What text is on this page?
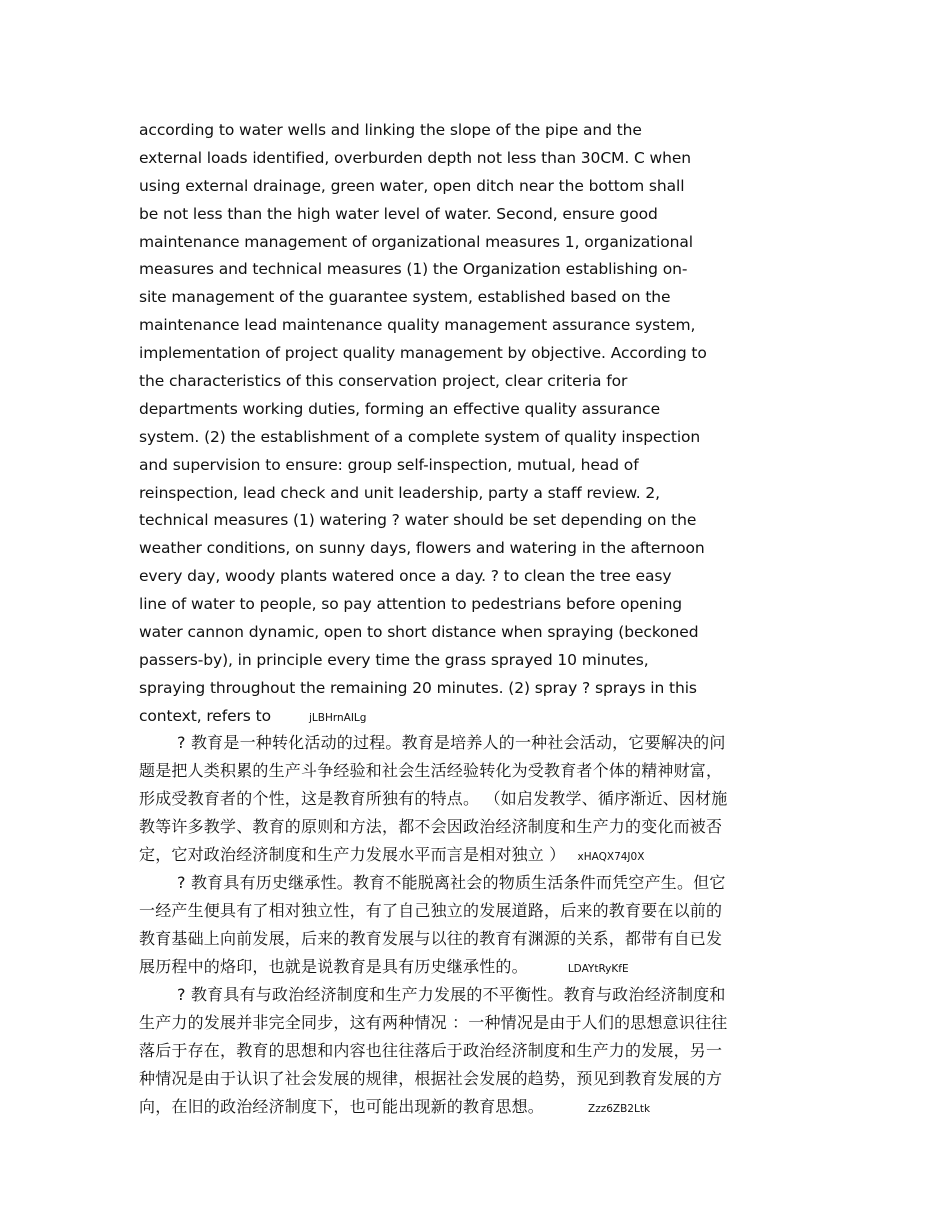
according to water wells and linking the slope of the pipe and the
external loads identified, overburden depth not less than 30CM. C when
using external drainage, green water, open ditch near the bottom shall
be not less than the high water level of water. Second, ensure good
maintenance management of organizational measures 1, organizational
measures and technical measures (1) the Organization establishing on-
site management of the guarantee system, established based on the
maintenance lead maintenance quality management assurance system,
implementation of project quality management by objective. According to
the characteristics of this conservation project, clear criteria for
departments working duties, forming an effective quality assurance
system. (2) the establishment of a complete system of quality inspection
and supervision to ensure: group self-inspection, mutual, head of
reinspection, lead check and unit leadership, party a staff review. 2,
technical measures (1) watering ? water should be set depending on the
weather conditions, on sunny days, flowers and watering in the afternoon
every day, woody plants watered once a day. ? to clean the tree easy
line of water to people, so pay attention to pedestrians before opening
water cannon dynamic, open to short distance when spraying (beckoned
passers-by), in principle every time the grass sprayed 10 minutes,
spraying throughout the remaining 20 minutes. (2) spray ? sprays in this
context, refers to	jLBHrnAILg
? 教育是一种转化活动的过程。教育是培养人的一种社会活动，它要解决的问
题是把人类积累的生产斗争经验和社会生活经验转化为受教育者个体的精神财富，
形成受教育者的个性，这是教育所独有的特点。 （如启发教学、循序渐近、因材施
教等许多教学、教育的原则和方法，都不会因政治经济制度和生产力的变化而被否
定，它对政治经济制度和生产力发展水平而言是相对独立 ） xHAQX74J0X
? 教育具有历史继承性。教育不能脱离社会的物质生活条件而凭空产生。但它
一经产生便具有了相对独立性，有了自己独立的发展道路，后来的教育要在以前的
教育基础上向前发展，后来的教育发展与以往的教育有渊源的关系，都带有自已发
展历程中的烙印，也就是说教育是具有历史继承性的。	LDAYtRyKfE
? 教育具有与政治经济制度和生产力发展的不平衡性。教育与政治经济制度和
生产力的发展并非完全同步，这有两种情况 ：一种情况是由于人们的思想意识往往
落后于存在，教育的思想和内容也往往落后于政治经济制度和生产力的发展，另一
种情况是由于认识了社会发展的规律，根据社会发展的趋势，预见到教育发展的方
向，在旧的政治经济制度下，也可能出现新的教育思想。	Zzz6ZB2Ltk
